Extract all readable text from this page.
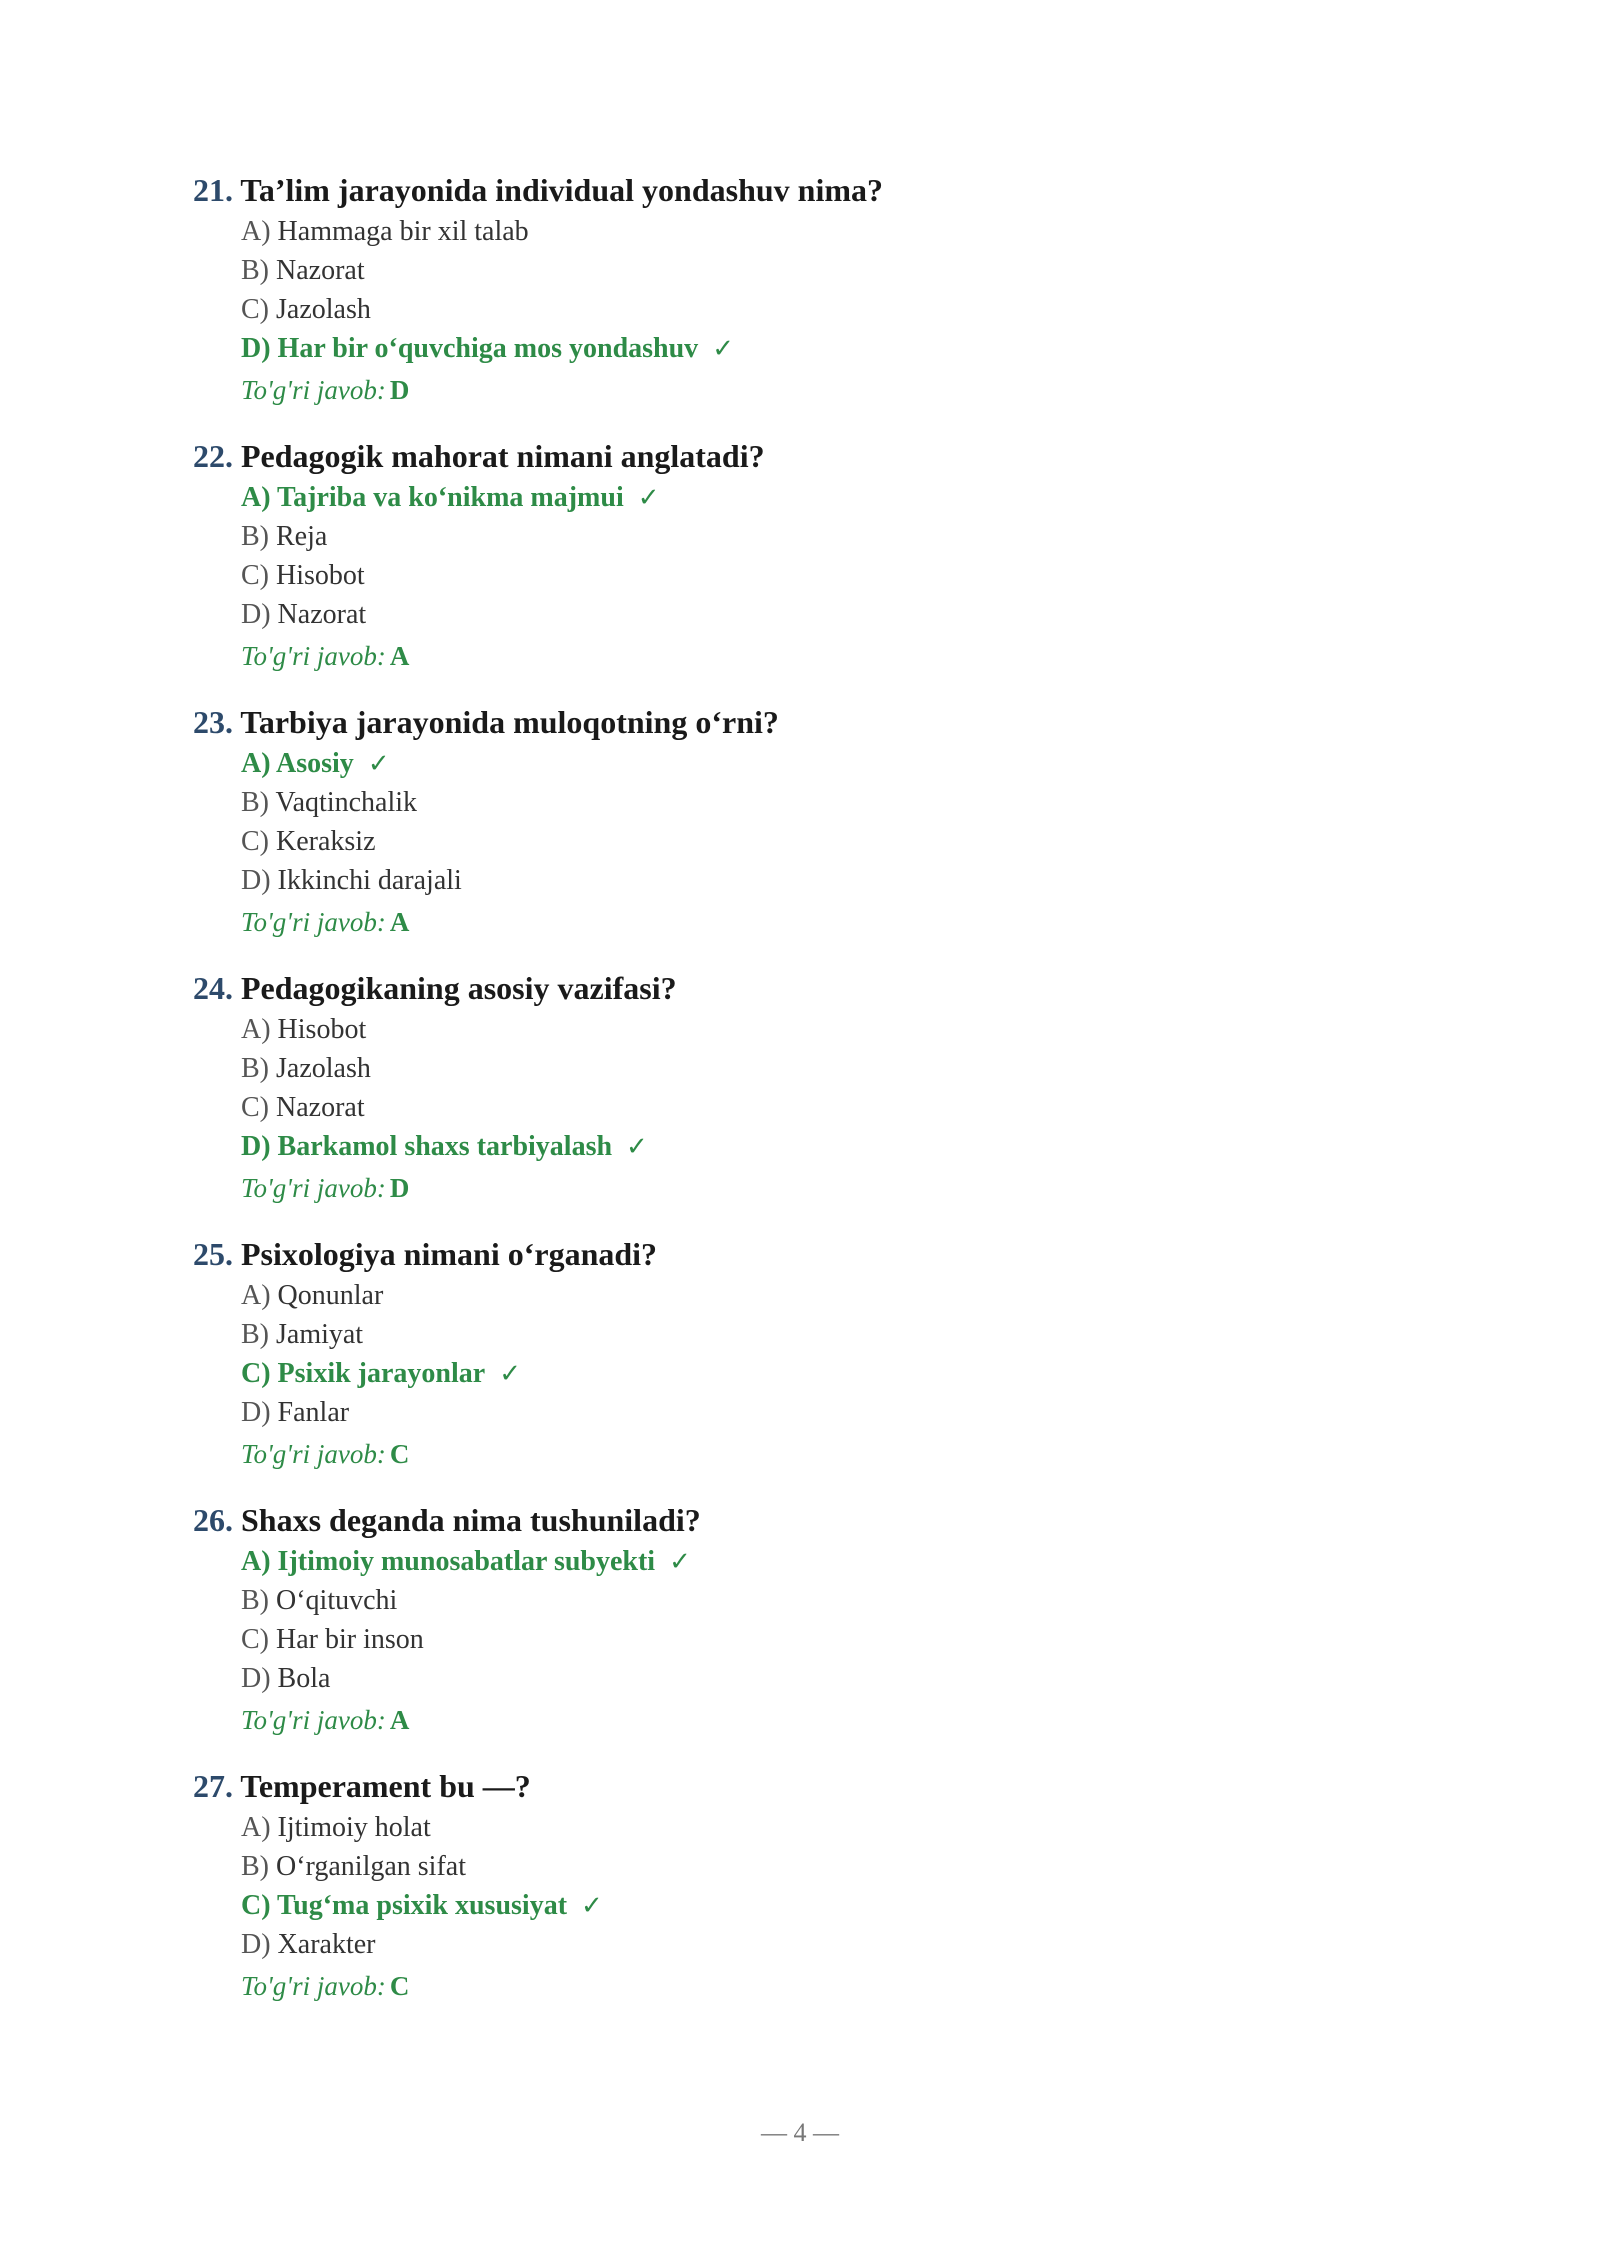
21. Ta’lim jarayonida individual yondashuv nima?
A) Hammaga bir xil talab
B) Nazorat
C) Jazolash
D) Har bir o‘quvchiga mos yondashuv ✓
To'g'ri javob: D
22. Pedagogik mahorat nimani anglatadi?
A) Tajriba va ko‘nikma majmui ✓
B) Reja
C) Hisobot
D) Nazorat
To'g'ri javob: A
23. Tarbiya jarayonida muloqotning o‘rni?
A) Asosiy ✓
B) Vaqtinchalik
C) Keraksiz
D) Ikkinchi darajali
To'g'ri javob: A
24. Pedagogikaning asosiy vazifasi?
A) Hisobot
B) Jazolash
C) Nazorat
D) Barkamol shaxs tarbiyalash ✓
To'g'ri javob: D
25. Psixologiya nimani o‘rganadi?
A) Qonunlar
B) Jamiyat
C) Psixik jarayonlar ✓
D) Fanlar
To'g'ri javob: C
26. Shaxs deganda nima tushuniladi?
A) Ijtimoiy munosabatlar subyekti ✓
B) O‘qituvchi
C) Har bir inson
D) Bola
To'g'ri javob: A
27. Temperament bu —?
A) Ijtimoiy holat
B) O‘rganilgan sifat
C) Tug‘ma psixik xususiyat ✓
D) Xarakter
To'g'ri javob: C
— 4 —
